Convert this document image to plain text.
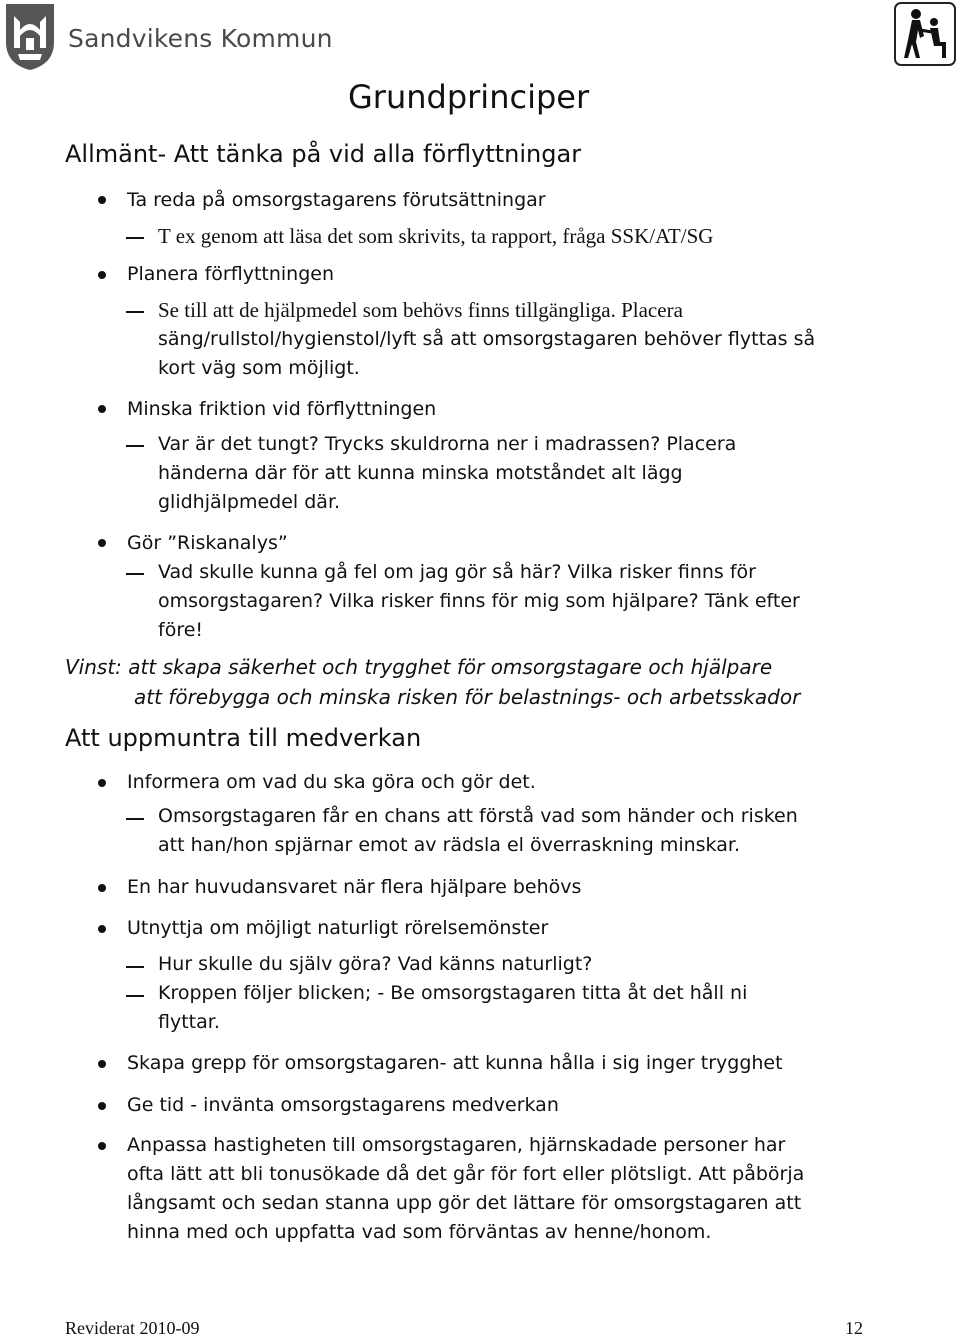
Sandvikens Kommun
Grundprinciper
Allmänt- Att tänka på vid alla förflyttningar
Ta reda på omsorgstagarens förutsättningar
T ex genom att läsa det som skrivits, ta rapport, fråga SSK/AT/SG
Planera förflyttningen
Se till att de hjälpmedel som behövs finns tillgängliga. Placera
säng/rullstol/hygienstol/lyft så att omsorgstagaren behöver flyttas så
kort väg som möjligt.
Minska friktion vid förflyttningen
Var är det tungt? Trycks skuldrorna ner i madrassen? Placera
händerna där för att kunna minska motståndet alt lägg
glidhjälpmedel där.
Gör ”Riskanalys”
Vad skulle kunna gå fel om jag gör så här? Vilka risker finns för
omsorgstagaren? Vilka risker finns för mig som hjälpare? Tänk efter
före!
Vinst: att skapa säkerhet och trygghet för omsorgstagare och hjälpare
att förebygga och minska risken för belastnings- och arbetsskador
Att uppmuntra till medverkan
Informera om vad du ska göra och gör det.
Omsorgstagaren får en chans att förstå vad som händer och risken
att han/hon spjärnar emot av rädsla el överraskning minskar.
En har huvudansvaret när flera hjälpare behövs
Utnyttja om möjligt naturligt rörelsemönster
Hur skulle du själv göra? Vad känns naturligt?
Kroppen följer blicken; - Be omsorgstagaren titta åt det håll ni
flyttar.
Skapa grepp för omsorgstagaren- att kunna hålla i sig inger trygghet
Ge tid - invänta omsorgstagarens medverkan
Anpassa hastigheten till omsorgstagaren, hjärnskadade personer har
ofta lätt att bli tonusökade då det går för fort eller plötsligt. Att påbörja
långsamt och sedan stanna upp gör det lättare för omsorgstagaren att
hinna med och uppfatta vad som förväntas av henne/honom.
Reviderat 2010-09	12
